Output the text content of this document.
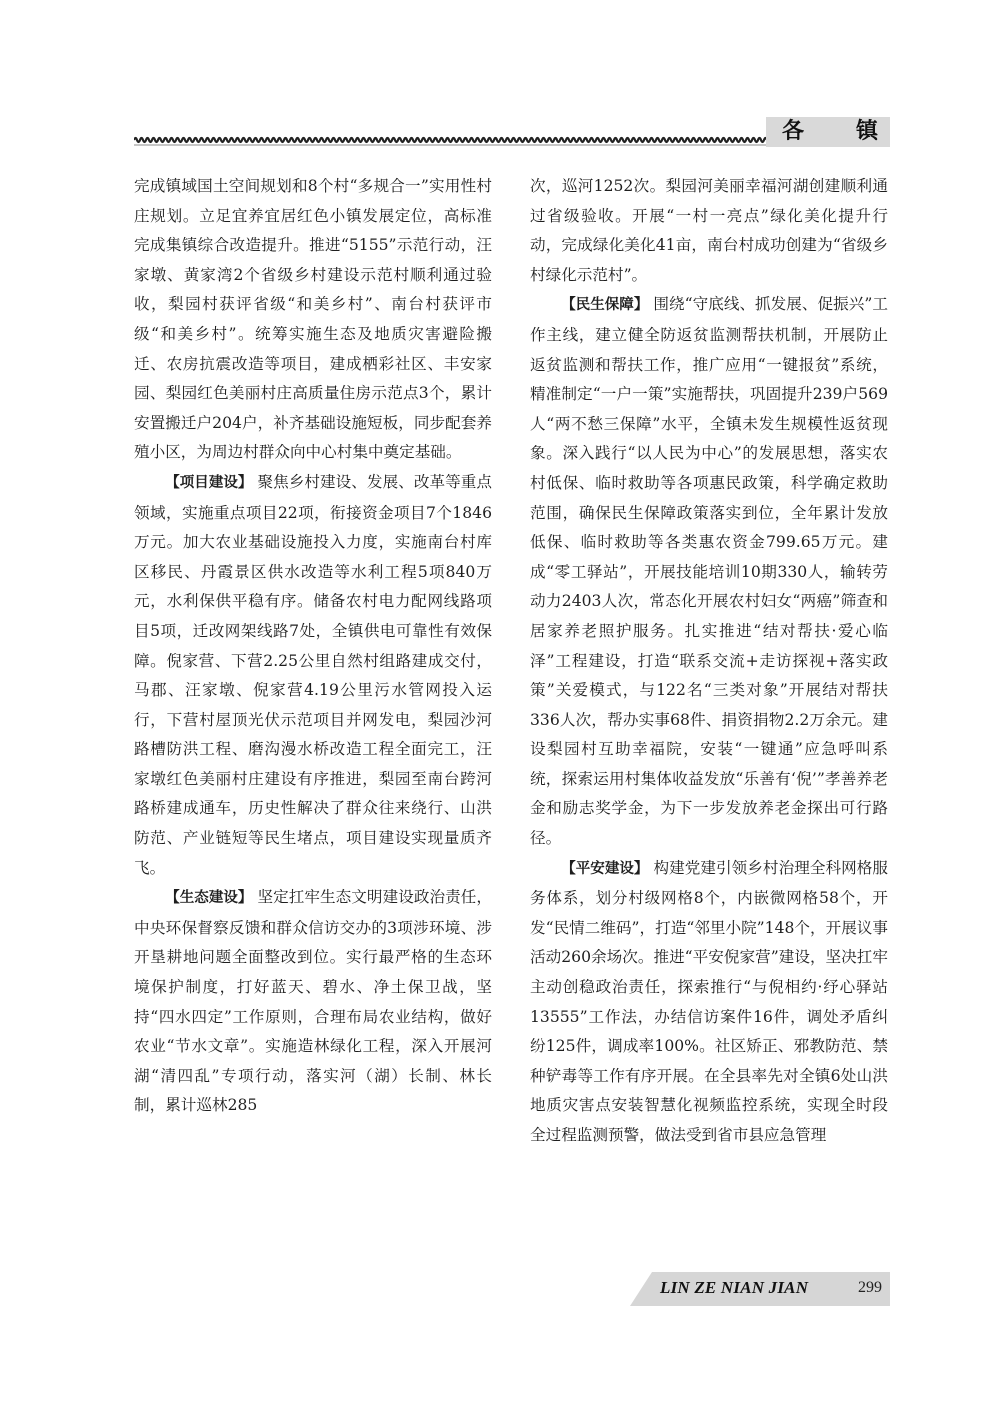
各镇

完成镇域国土空间规划和8个村“多规合一”实用性村庄规划。立足宜养宜居红色小镇发展定位，高标准完成集镇综合改造提升。推进“5155”示范行动，汪家墩、黄家湾2个省级乡村建设示范村顺利通过验收，梨园村获评省级“和美乡村”、南台村获评市级“和美乡村”。统筹实施生态及地质灾害避险搬迁、农房抗震改造等项目，建成栖彩社区、丰安家园、梨园红色美丽村庄高质量住房示范点3个，累计安置搬迁户204户，补齐基础设施短板，同步配套养殖小区，为周边村群众向中心村集中奠定基础。

【项目建设】 聚焦乡村建设、发展、改革等重点领域，实施重点项目22项，衔接资金项目7个1846万元。加大农业基础设施投入力度，实施南台村库区移民、丹霞景区供水改造等水利工程5项840万元，水利保供平稳有序。储备农村电力配网线路项目5项，迁改网架线路7处，全镇供电可靠性有效保障。倪家营、下营2.25公里自然村组路建成交付，马郡、汪家墩、倪家营4.19公里污水管网投入运行，下营村屋顶光伏示范项目并网发电，梨园沙河路槽防洪工程、磨沟漫水桥改造工程全面完工，汪家墩红色美丽村庄建设有序推进，梨园至南台跨河路桥建成通车，历史性解决了群众往来绕行、山洪防范、产业链短等民生堵点，项目建设实现量质齐飞。

【生态建设】 坚定扛牢生态文明建设政治责任，中央环保督察反馈和群众信访交办的3项涉环境、涉开垦耕地问题全面整改到位。实行最严格的生态环境保护制度，打好蓝天、碧水、净土保卫战，坚持“四水四定”工作原则，合理布局农业结构，做好农业“节水文章”。实施造林绿化工程，深入开展河湖“清四乱”专项行动，落实河（湖）长制、林长制，累计巡林285

次，巡河1252次。梨园河美丽幸福河湖创建顺利通过省级验收。开展“一村一亮点”绿化美化提升行动，完成绿化美化41亩，南台村成功创建为“省级乡村绿化示范村”。

【民生保障】 围绕“守底线、抓发展、促振兴”工作主线，建立健全防返贫监测帮扶机制，开展防止返贫监测和帮扶工作，推广应用“一键报贫”系统，精准制定“一户一策”实施帮扶，巩固提升239户569人“两不愁三保障”水平，全镇未发生规模性返贫现象。深入践行“以人民为中心”的发展思想，落实农村低保、临时救助等各项惠民政策，科学确定救助范围，确保民生保障政策落实到位，全年累计发放低保、临时救助等各类惠农资金799.65万元。建成“零工驿站”，开展技能培训10期330人，输转劳动力2403人次，常态化开展农村妇女“两癌”筛查和居家养老照护服务。扎实推进“结对帮扶·爱心临泽”工程建设，打造“联系交流+走访探视+落实政策”关爱模式，与122名“三类对象”开展结对帮扶336人次，帮办实事68件、捐资捐物2.2万余元。建设梨园村互助幸福院，安装“一键通”应急呼叫系统，探索运用村集体收益发放“乐善有‘倪’”孝善养老金和励志奖学金，为下一步发放养老金探出可行路径。

【平安建设】 构建党建引领乡村治理全科网格服务体系，划分村级网格8个，内嵌微网格58个，开发“民情二维码”，打造“邻里小院”148个，开展议事活动260余场次。推进“平安倪家营”建设，坚决扛牢主动创稳政治责任，探索推行“与倪相约·纾心驿站13555”工作法，办结信访案件16件，调处矛盾纠纷125件，调成率100%。社区矫正、邪教防范、禁种铲毒等工作有序开展。在全县率先对全镇6处山洪地质灾害点安装智慧化视频监控系统，实现全时段全过程监测预警，做法受到省市县应急管理

LIN ZE NIAN JIAN	299
